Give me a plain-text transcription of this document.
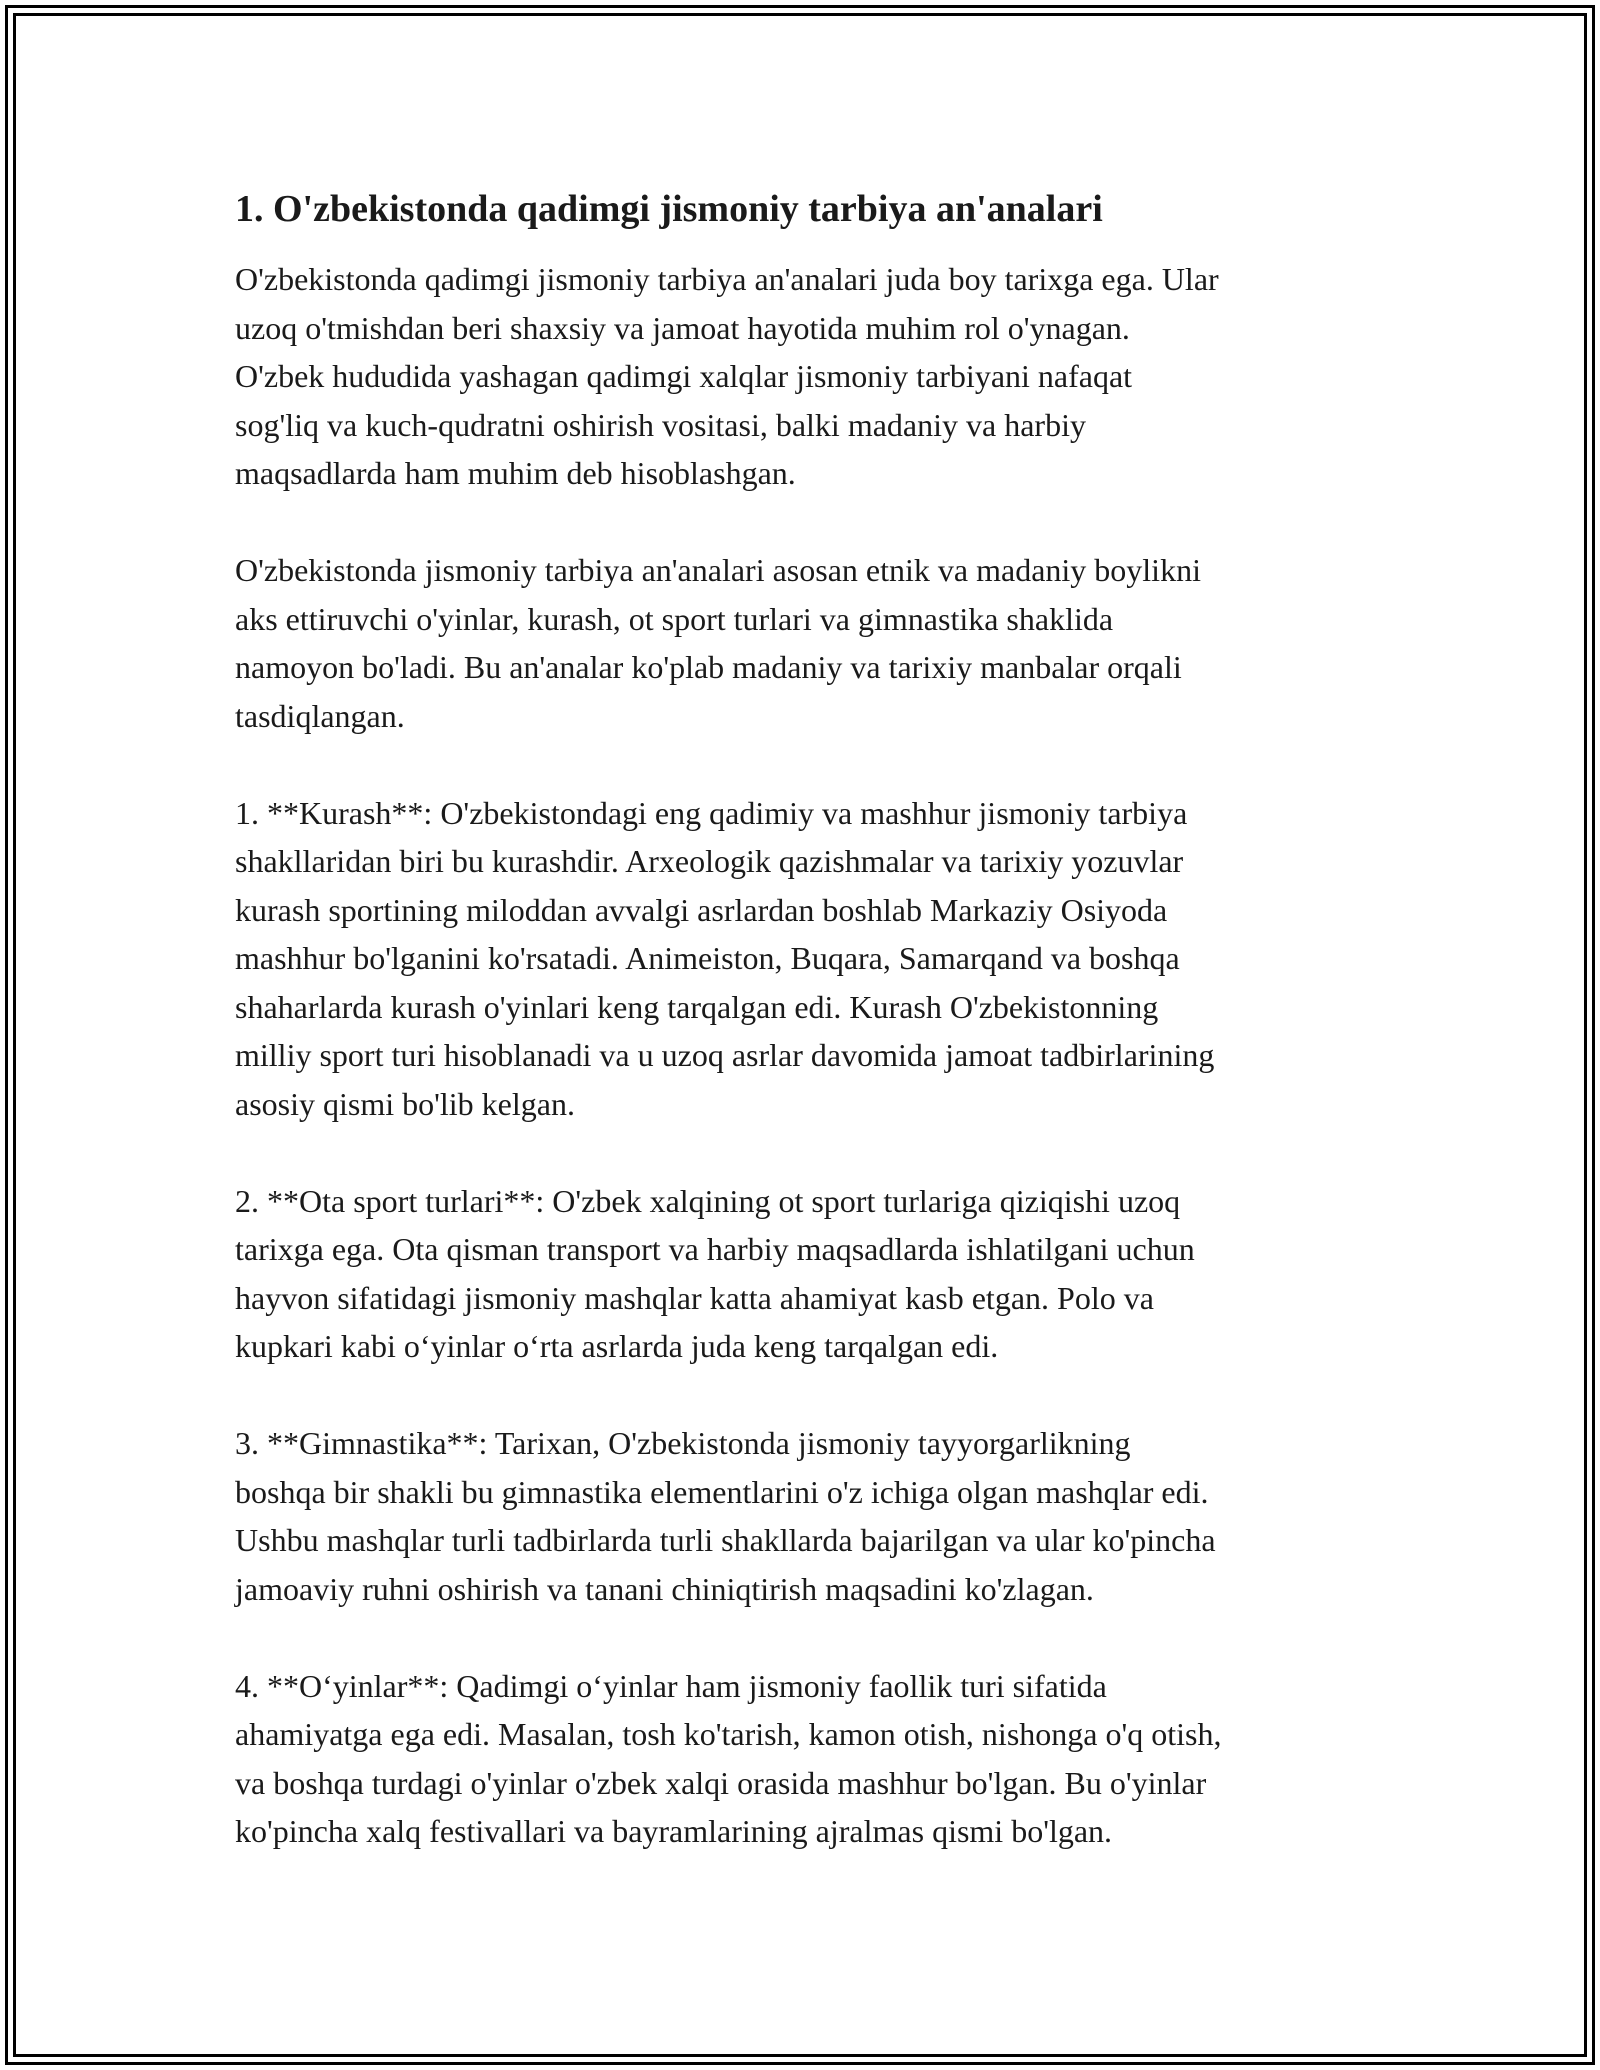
1. O'zbekistonda qadimgi jismoniy tarbiya an'analari
O'zbekistonda qadimgi jismoniy tarbiya an'analari juda boy tarixga ega. Ular
uzoq o'tmishdan beri shaxsiy va jamoat hayotida muhim rol o'ynagan.
O'zbek hududida yashagan qadimgi xalqlar jismoniy tarbiyani nafaqat
sog'liq va kuch-qudratni oshirish vositasi, balki madaniy va harbiy
maqsadlarda ham muhim deb hisoblashgan.
O'zbekistonda jismoniy tarbiya an'analari asosan etnik va madaniy boylikni
aks ettiruvchi o'yinlar, kurash, ot sport turlari va gimnastika shaklida
namoyon bo'ladi. Bu an'analar ko'plab madaniy va tarixiy manbalar orqali
tasdiqlangan.
1. **Kurash**: O'zbekistondagi eng qadimiy va mashhur jismoniy tarbiya
shakllaridan biri bu kurashdir. Arxeologik qazishmalar va tarixiy yozuvlar
kurash sportining miloddan avvalgi asrlardan boshlab Markaziy Osiyoda
mashhur bo'lganini ko'rsatadi. Animeiston, Buqara, Samarqand va boshqa
shaharlarda kurash o'yinlari keng tarqalgan edi. Kurash O'zbekistonning
milliy sport turi hisoblanadi va u uzoq asrlar davomida jamoat tadbirlarining
asosiy qismi bo'lib kelgan.
2. **Ota sport turlari**: O'zbek xalqining ot sport turlariga qiziqishi uzoq
tarixga ega. Ota qisman transport va harbiy maqsadlarda ishlatilgani uchun
hayvon sifatidagi jismoniy mashqlar katta ahamiyat kasb etgan. Polo va
kupkari kabi o‘yinlar o‘rta asrlarda juda keng tarqalgan edi.
3. **Gimnastika**: Tarixan, O'zbekistonda jismoniy tayyorgarlikning
boshqa bir shakli bu gimnastika elementlarini o'z ichiga olgan mashqlar edi.
Ushbu mashqlar turli tadbirlarda turli shakllarda bajarilgan va ular ko'pincha
jamoaviy ruhni oshirish va tanani chiniqtirish maqsadini ko'zlagan.
4. **O‘yinlar**: Qadimgi o‘yinlar ham jismoniy faollik turi sifatida
ahamiyatga ega edi. Masalan, tosh ko'tarish, kamon otish, nishonga o'q otish,
va boshqa turdagi o'yinlar o'zbek xalqi orasida mashhur bo'lgan. Bu o'yinlar
ko'pincha xalq festivallari va bayramlarining ajralmas qismi bo'lgan.
